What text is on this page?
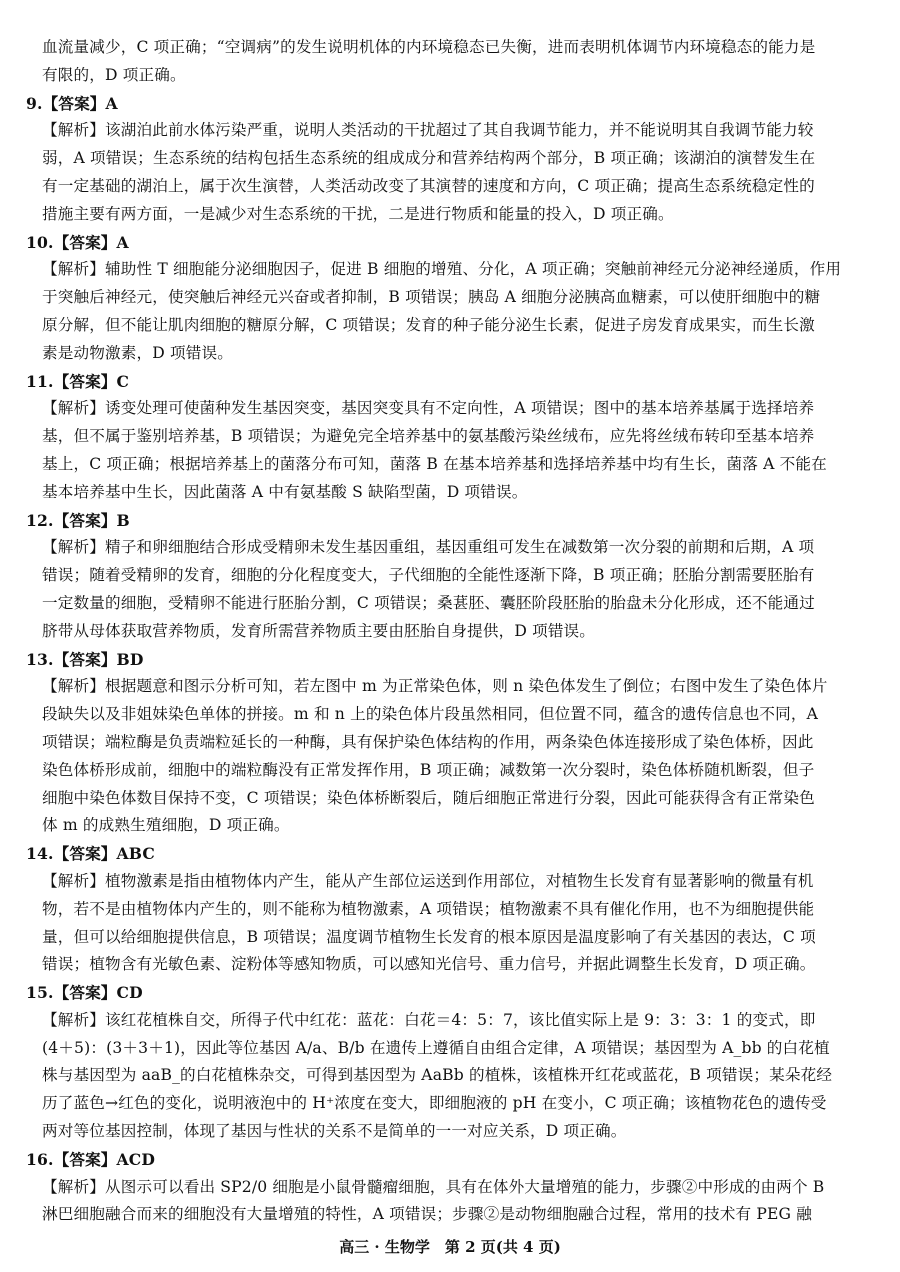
血流量减少，C 项正确；“空调病”的发生说明机体的内环境稳态已失衡，进而表明机体调节内环境稳态的能力是
有限的，D 项正确。
9.【答案】A
【解析】该湖泊此前水体污染严重，说明人类活动的干扰超过了其自我调节能力，并不能说明其自我调节能力较
弱，A 项错误；生态系统的结构包括生态系统的组成成分和营养结构两个部分，B 项正确；该湖泊的演替发生在
有一定基础的湖泊上，属于次生演替，人类活动改变了其演替的速度和方向，C 项正确；提高生态系统稳定性的
措施主要有两方面，一是减少对生态系统的干扰，二是进行物质和能量的投入，D 项正确。
10.【答案】A
【解析】辅助性 T 细胞能分泌细胞因子，促进 B 细胞的增殖、分化，A 项正确；突触前神经元分泌神经递质，作用
于突触后神经元，使突触后神经元兴奋或者抑制，B 项错误；胰岛 A 细胞分泌胰高血糖素，可以使肝细胞中的糖
原分解，但不能让肌肉细胞的糖原分解，C 项错误；发育的种子能分泌生长素，促进子房发育成果实，而生长激
素是动物激素，D 项错误。
11.【答案】C
【解析】诱变处理可使菌种发生基因突变，基因突变具有不定向性，A 项错误；图中的基本培养基属于选择培养
基，但不属于鉴别培养基，B 项错误；为避免完全培养基中的氨基酸污染丝绒布，应先将丝绒布转印至基本培养
基上，C 项正确；根据培养基上的菌落分布可知，菌落 B 在基本培养基和选择培养基中均有生长，菌落 A 不能在
基本培养基中生长，因此菌落 A 中有氨基酸 S 缺陷型菌，D 项错误。
12.【答案】B
【解析】精子和卵细胞结合形成受精卵未发生基因重组，基因重组可发生在减数第一次分裂的前期和后期，A 项
错误；随着受精卵的发育，细胞的分化程度变大，子代细胞的全能性逐渐下降，B 项正确；胚胎分割需要胚胎有
一定数量的细胞，受精卵不能进行胚胎分割，C 项错误；桑葚胚、囊胚阶段胚胎的胎盘未分化形成，还不能通过
脐带从母体获取营养物质，发育所需营养物质主要由胚胎自身提供，D 项错误。
13.【答案】BD
【解析】根据题意和图示分析可知，若左图中 m 为正常染色体，则 n 染色体发生了倒位；右图中发生了染色体片
段缺失以及非姐妹染色单体的拼接。m 和 n 上的染色体片段虽然相同，但位置不同，蕴含的遗传信息也不同，A
项错误；端粒酶是负责端粒延长的一种酶，具有保护染色体结构的作用，两条染色体连接形成了染色体桥，因此
染色体桥形成前，细胞中的端粒酶没有正常发挥作用，B 项正确；减数第一次分裂时，染色体桥随机断裂，但子
细胞中染色体数目保持不变，C 项错误；染色体桥断裂后，随后细胞正常进行分裂，因此可能获得含有正常染色
体 m 的成熟生殖细胞，D 项正确。
14.【答案】ABC
【解析】植物激素是指由植物体内产生，能从产生部位运送到作用部位，对植物生长发育有显著影响的微量有机
物，若不是由植物体内产生的，则不能称为植物激素，A 项错误；植物激素不具有催化作用，也不为细胞提供能
量，但可以给细胞提供信息，B 项错误；温度调节植物生长发育的根本原因是温度影响了有关基因的表达，C 项
错误；植物含有光敏色素、淀粉体等感知物质，可以感知光信号、重力信号，并据此调整生长发育，D 项正确。
15.【答案】CD
【解析】该红花植株自交，所得子代中红花：蓝花：白花＝4：5：7，该比值实际上是 9：3：3：1 的变式，即
(4＋5)：(3＋3＋1)，因此等位基因 A/a、B/b 在遗传上遵循自由组合定律，A 项错误；基因型为 A_bb 的白花植
株与基因型为 aaB_的白花植株杂交，可得到基因型为 AaBb 的植株，该植株开红花或蓝花，B 项错误；某朵花经
历了蓝色→红色的变化，说明液泡中的 H⁺浓度在变大，即细胞液的 pH 在变小，C 项正确；该植物花色的遗传受
两对等位基因控制，体现了基因与性状的关系不是简单的一一对应关系，D 项正确。
16.【答案】ACD
【解析】从图示可以看出 SP2/0 细胞是小鼠骨髓瘤细胞，具有在体外大量增殖的能力，步骤②中形成的由两个 B
淋巴细胞融合而来的细胞没有大量增殖的特性，A 项错误；步骤②是动物细胞融合过程，常用的技术有 PEG 融
高三 · 生物学　第 2 页(共 4 页)
